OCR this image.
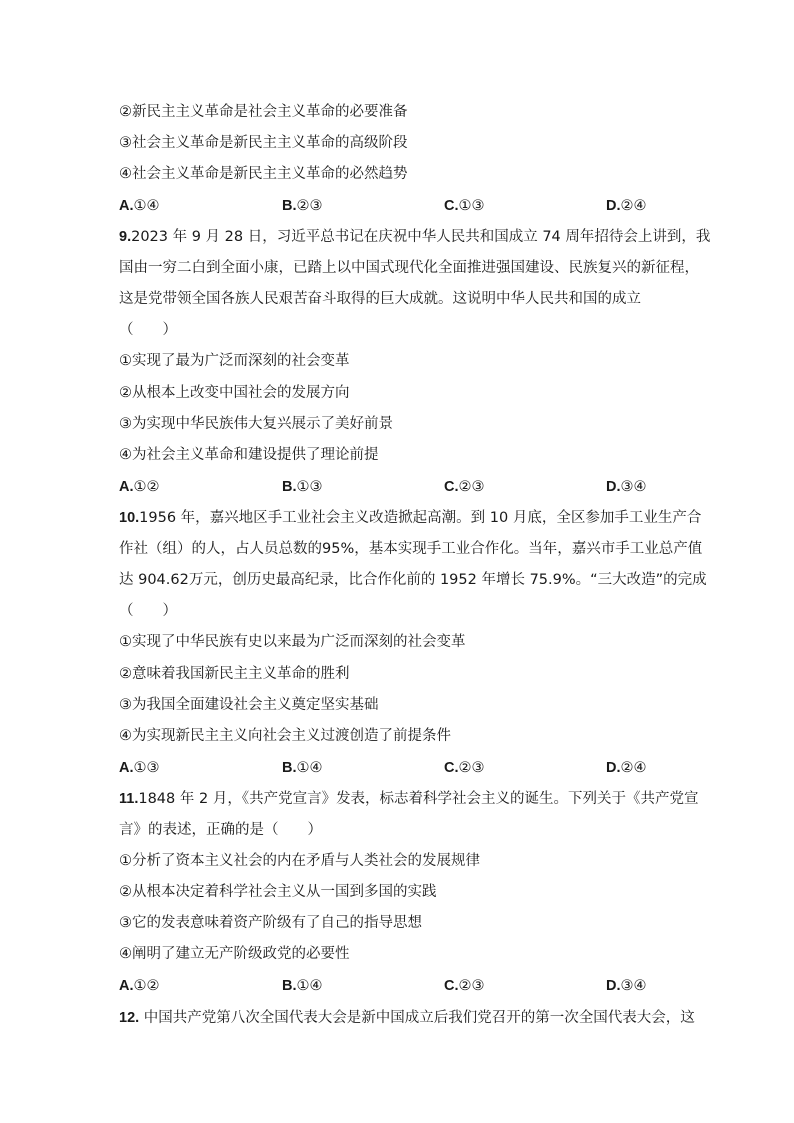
②新民主主义革命是社会主义革命的必要准备
③社会主义革命是新民主主义革命的高级阶段
④社会主义革命是新民主主义革命的必然趋势
A.①④	B.②③	C.①③	D.②④
9.2023 年 9 月 28 日，习近平总书记在庆祝中华人民共和国成立 74 周年招待会上讲到，我
国由一穷二白到全面小康，已踏上以中国式现代化全面推进强国建设、民族复兴的新征程，
这是党带领全国各族人民艰苦奋斗取得的巨大成就。这说明中华人民共和国的成立
（　　）
①实现了最为广泛而深刻的社会变革
②从根本上改变中国社会的发展方向
③为实现中华民族伟大复兴展示了美好前景
④为社会主义革命和建设提供了理论前提
A.①②	B.①③	C.②③	D.③④
10.1956 年，嘉兴地区手工业社会主义改造掀起高潮。到 10 月底，全区参加手工业生产合
作社（组）的人，占人员总数的95%，基本实现手工业合作化。当年，嘉兴市手工业总产值
达 904.62万元，创历史最高纪录，比合作化前的 1952 年增长 75.9%。“三大改造”的完成
（　　）
①实现了中华民族有史以来最为广泛而深刻的社会变革
②意味着我国新民主主义革命的胜利
③为我国全面建设社会主义奠定坚实基础
④为实现新民主主义向社会主义过渡创造了前提条件
A.①③	B.①④	C.②③	D.②④
11.1848 年 2 月，《共产党宣言》发表，标志着科学社会主义的诞生。下列关于《共产党宣
言》的表述，正确的是（　　）
①分析了资本主义社会的内在矛盾与人类社会的发展规律
②从根本决定着科学社会主义从一国到多国的实践
③它的发表意味着资产阶级有了自己的指导思想
④阐明了建立无产阶级政党的必要性
A.①②	B.①④	C.②③	D.③④
12. 中国共产党第八次全国代表大会是新中国成立后我们党召开的第一次全国代表大会，这
